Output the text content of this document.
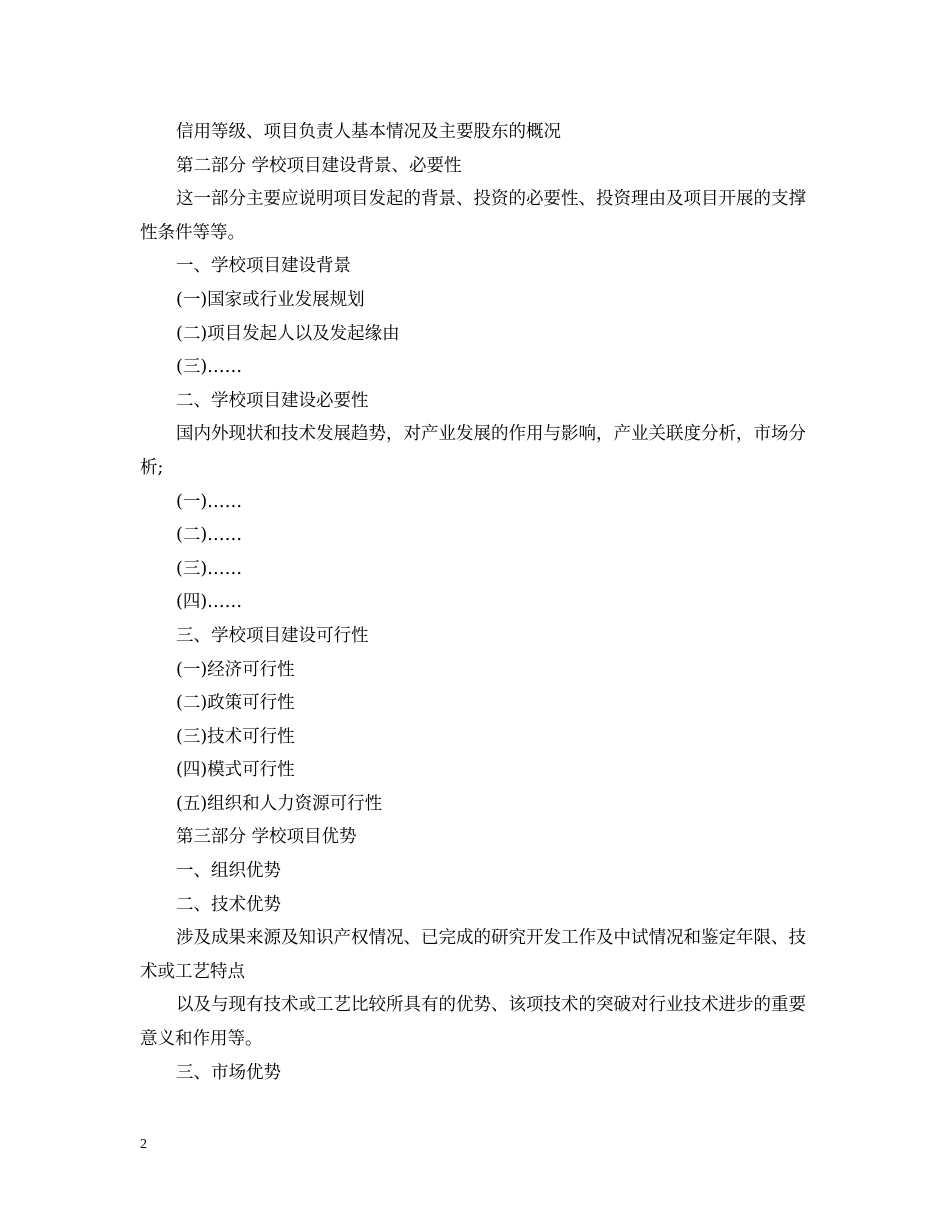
信用等级、项目负责人基本情况及主要股东的概况

第二部分 学校项目建设背景、必要性

这一部分主要应说明项目发起的背景、投资的必要性、投资理由及项目开展的支撑性条件等等。

一、学校项目建设背景

(一)国家或行业发展规划

(二)项目发起人以及发起缘由

(三)……

二、学校项目建设必要性

国内外现状和技术发展趋势，对产业发展的作用与影响，产业关联度分析，市场分析;

(一)……

(二)……

(三)……

(四)……

三、学校项目建设可行性

(一)经济可行性

(二)政策可行性

(三)技术可行性

(四)模式可行性

(五)组织和人力资源可行性

第三部分 学校项目优势

一、组织优势

二、技术优势

涉及成果来源及知识产权情况、已完成的研究开发工作及中试情况和鉴定年限、技术或工艺特点

以及与现有技术或工艺比较所具有的优势、该项技术的突破对行业技术进步的重要意义和作用等。

三、市场优势

2
